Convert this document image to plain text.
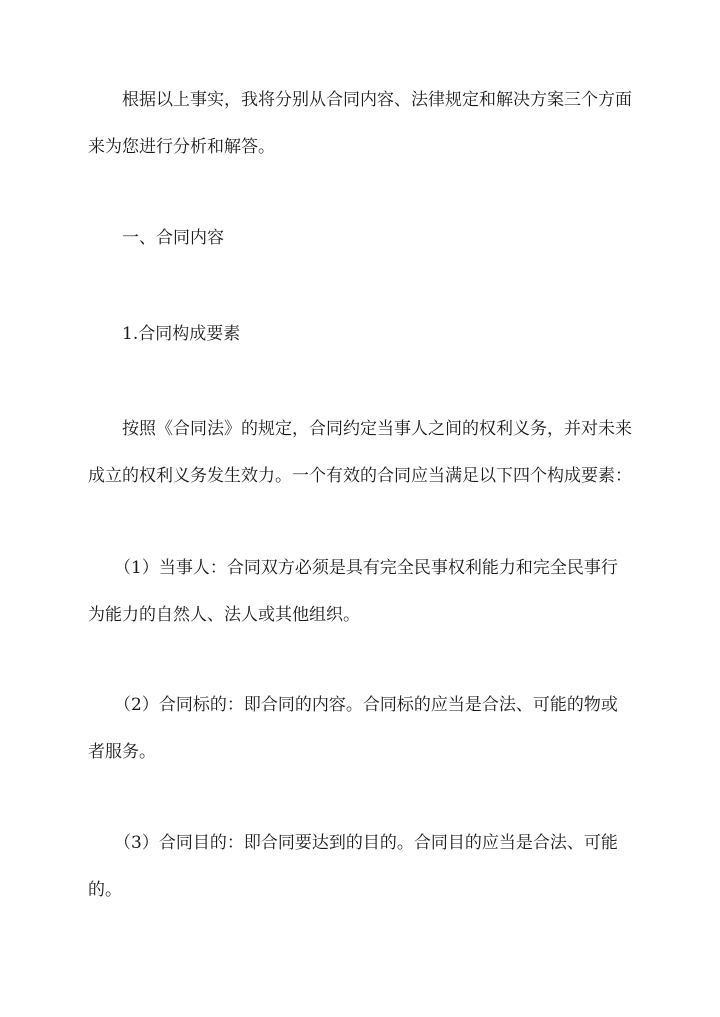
根据以上事实，我将分别从合同内容、法律规定和解决方案三个方面
来为您进行分析和解答。

一、合同内容

1.合同构成要素

按照《合同法》的规定，合同约定当事人之间的权利义务，并对未来
成立的权利义务发生效力。一个有效的合同应当满足以下四个构成要素：

（1）当事人：合同双方必须是具有完全民事权利能力和完全民事行
为能力的自然人、法人或其他组织。

（2）合同标的：即合同的内容。合同标的应当是合法、可能的物或
者服务。

（3）合同目的：即合同要达到的目的。合同目的应当是合法、可能
的。
